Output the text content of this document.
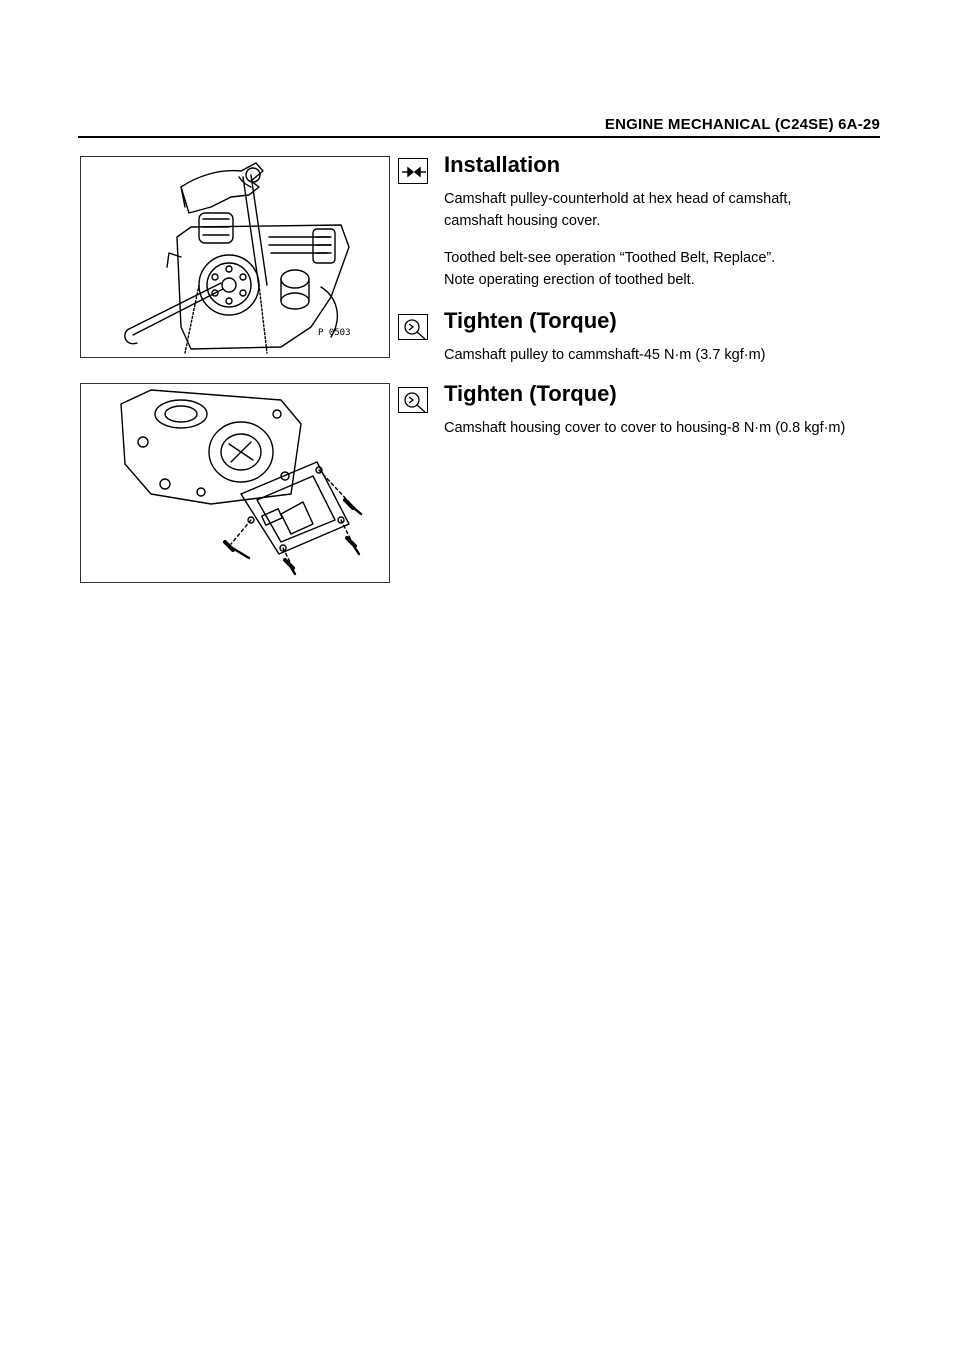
ENGINE MECHANICAL (C24SE) 6A-29
P 0503
Installation
Camshaft pulley-counterhold at hex head of camshaft,
camshaft housing cover.
Toothed belt-see operation “Toothed Belt, Replace”.
Note operating erection of toothed belt.
Tighten (Torque)
Camshaft pulley to cammshaft-45 N·m (3.7 kgf·m)
Tighten (Torque)
Camshaft housing cover to cover to housing-8 N·m (0.8 kgf·m)
